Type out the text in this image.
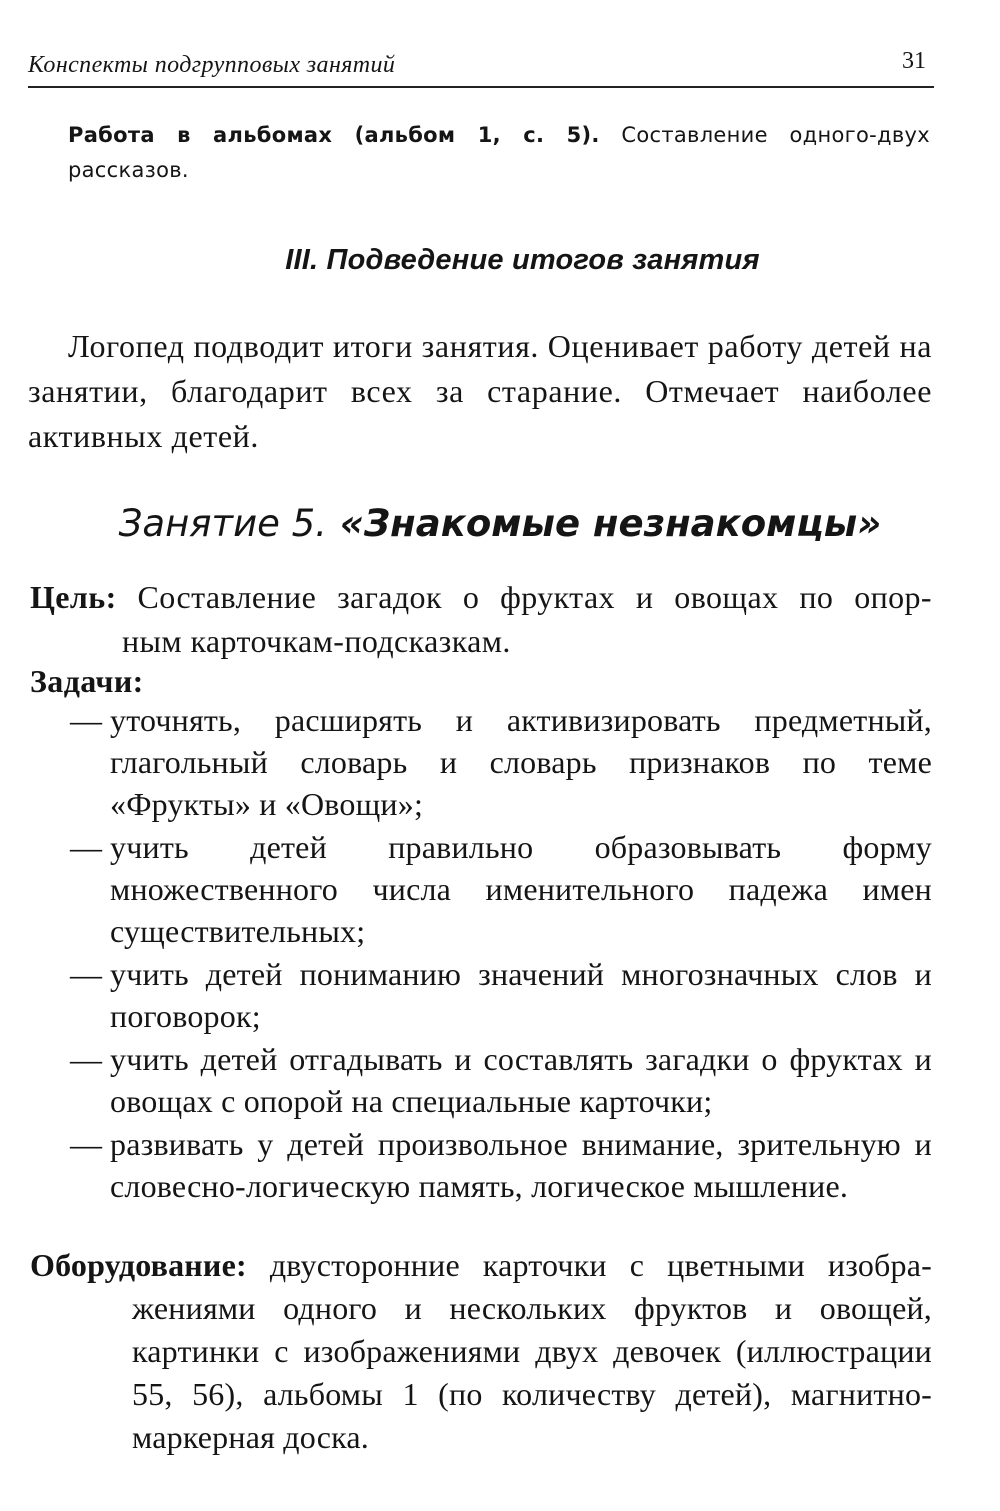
Конспекты подгрупповых занятий	31

Работа в альбомах (альбом 1, с. 5). Составление одного-двух рассказов.

III. Подведение итогов занятия

Логопед подводит итоги занятия. Оценивает работу детей на занятии, благодарит всех за старание. Отмечает наиболее активных детей.

Занятие 5. «Знакомые незнакомцы»
Цель: Составление загадок о фруктах и овощах по опор-
ным карточкам-подсказкам.

Задачи:

— уточнять, расширять и активизировать предметный, глагольный словарь и словарь признаков по теме «Фрукты» и «Овощи»;
— учить детей правильно образовывать форму множественного числа именительного падежа имен существительных;
— учить детей пониманию значений многозначных слов и поговорок;
— учить детей отгадывать и составлять загадки о фруктах и овощах с опорой на специальные карточки;
— развивать у детей произвольное внимание, зрительную и словесно-логическую память, логическое мышление.
Оборудование: двусторонние карточки с цветными изобра-
жениями одного и нескольких фруктов и овощей, картинки с изображениями двух девочек (иллюстрации 55, 56), альбомы 1 (по количеству детей), магнитно-маркерная доска.
